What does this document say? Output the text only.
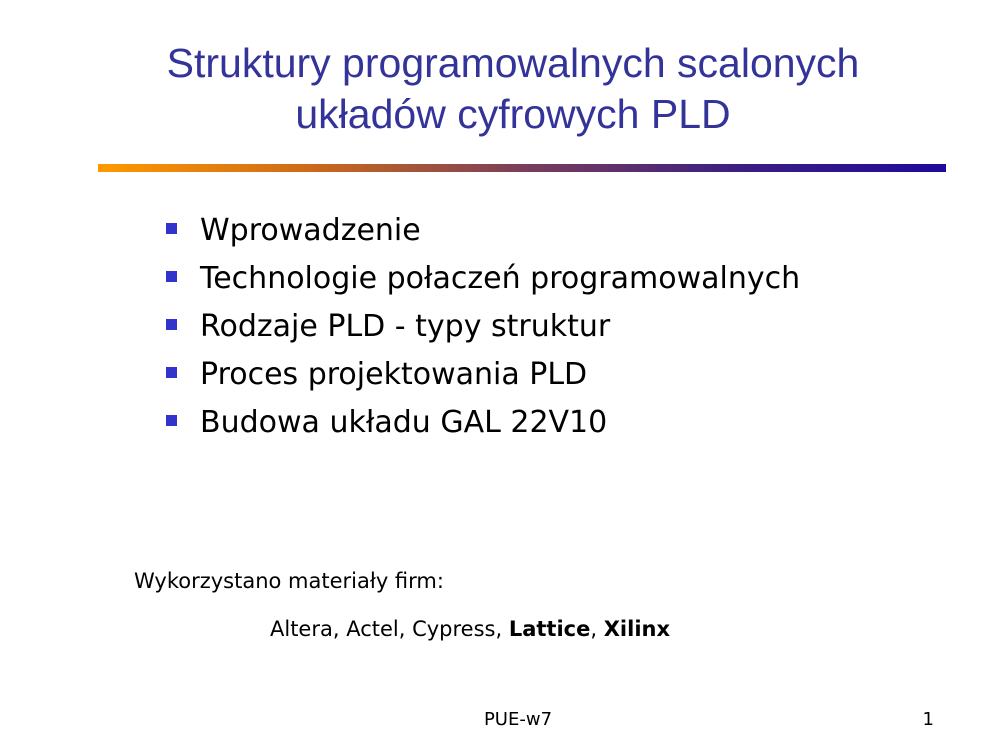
Struktury programowalnych scalonych
układów cyfrowych PLD
Wprowadzenie
Technologie połaczeń programowalnych
Rodzaje PLD - typy struktur
Proces projektowania PLD
Budowa układu GAL 22V10
Wykorzystano materiały firm:
Altera, Actel, Cypress, Lattice, Xilinx
PUE-w7	1
